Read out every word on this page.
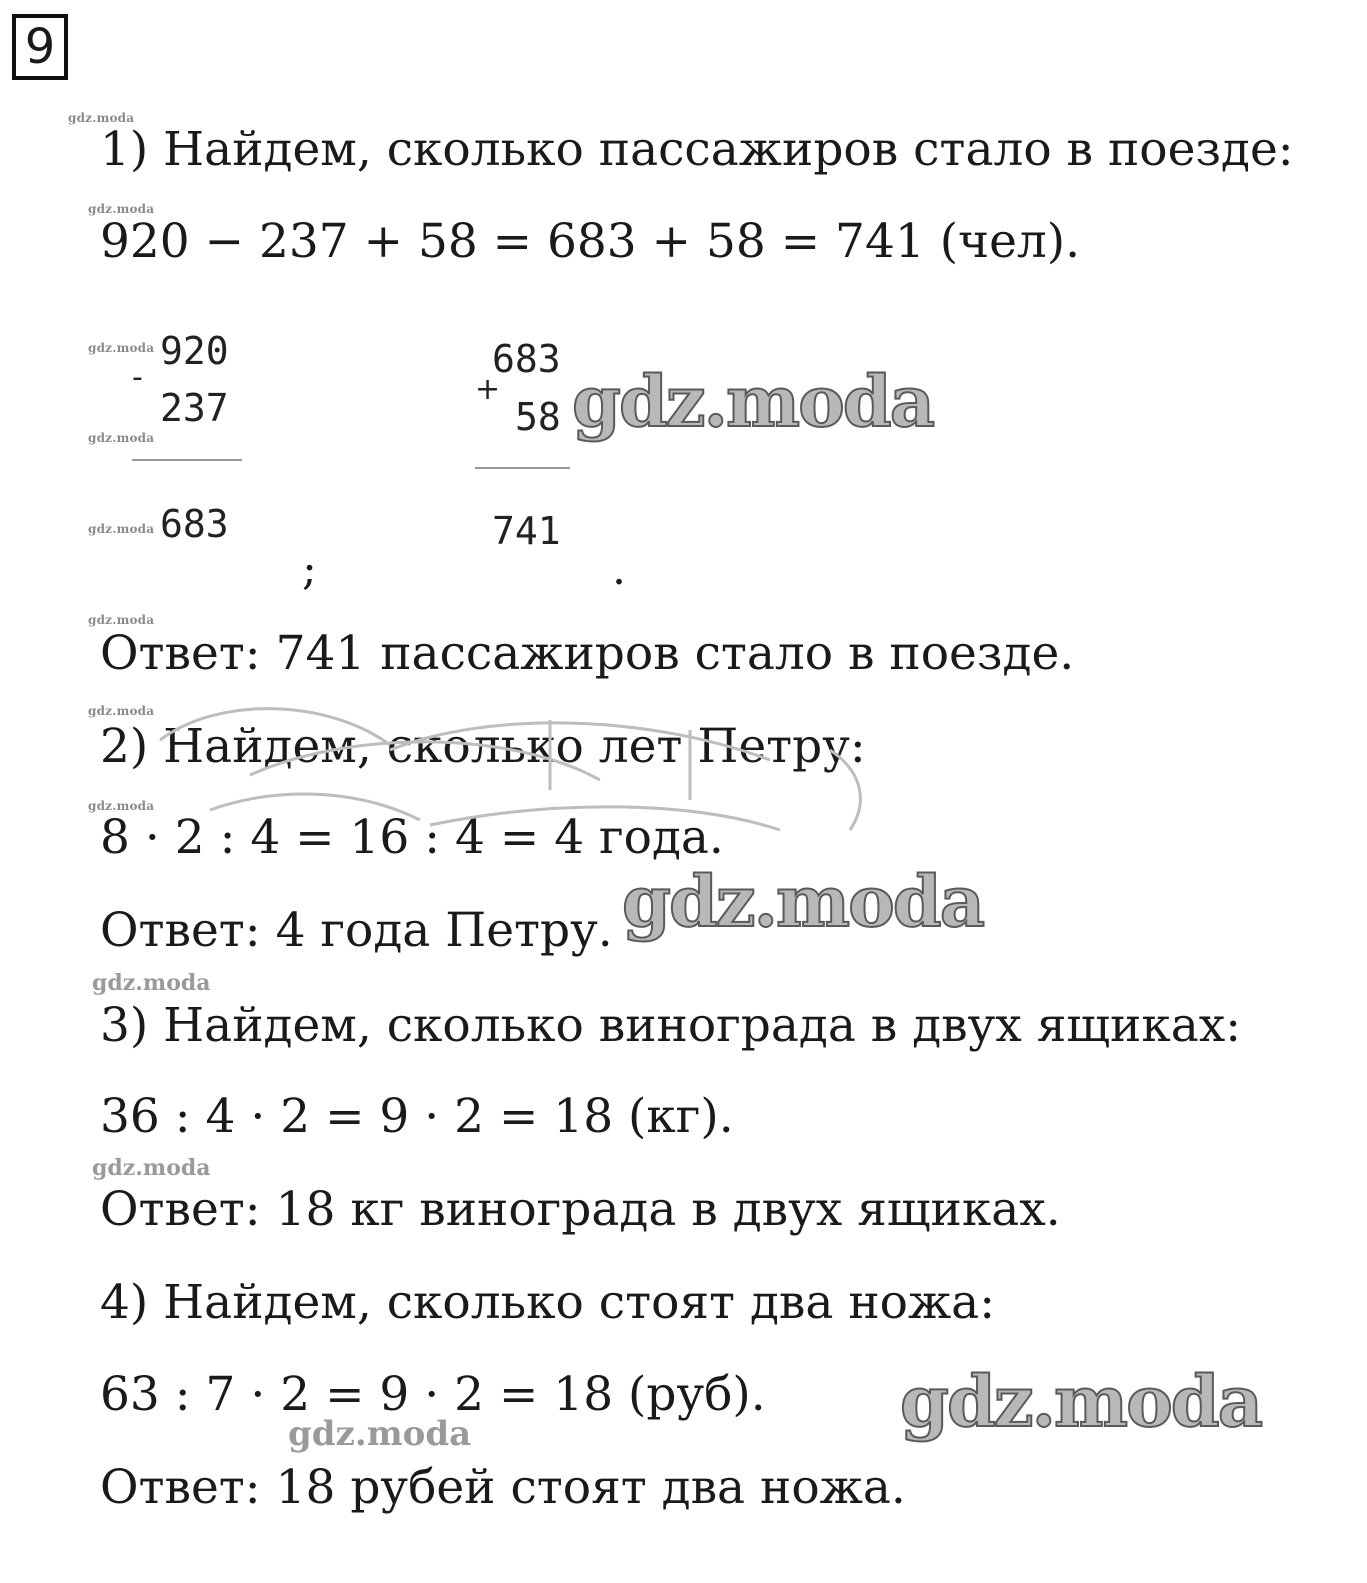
9
gdz.moda
gdz.moda
gdz.moda
gdz.moda
gdz.moda
gdz.moda
gdz.moda
gdz.moda
gdz.moda
gdz.moda
gdz.moda
1) Найдем, сколько пассажиров стало в поезде:
920 − 237 + 58 = 683 + 58 = 741 (чел).
920
-
237
683
;
683
+
58
741
.
gdz.moda
Ответ: 741 пассажиров стало в поезде.
2) Найдем, сколько лет Петру:
8 · 2 : 4 = 16 : 4 = 4 года.
Ответ: 4 года Петру. gdz.moda
3) Найдем, сколько винограда в двух ящиках:
36 : 4 · 2 = 9 · 2 = 18 (кг).
Ответ: 18 кг винограда в двух ящиках.
4) Найдем, сколько стоят два ножа:
63 : 7 · 2 = 9 · 2 = 18 (руб).
Ответ: 18 рубей стоят два ножа.
gdz.moda
